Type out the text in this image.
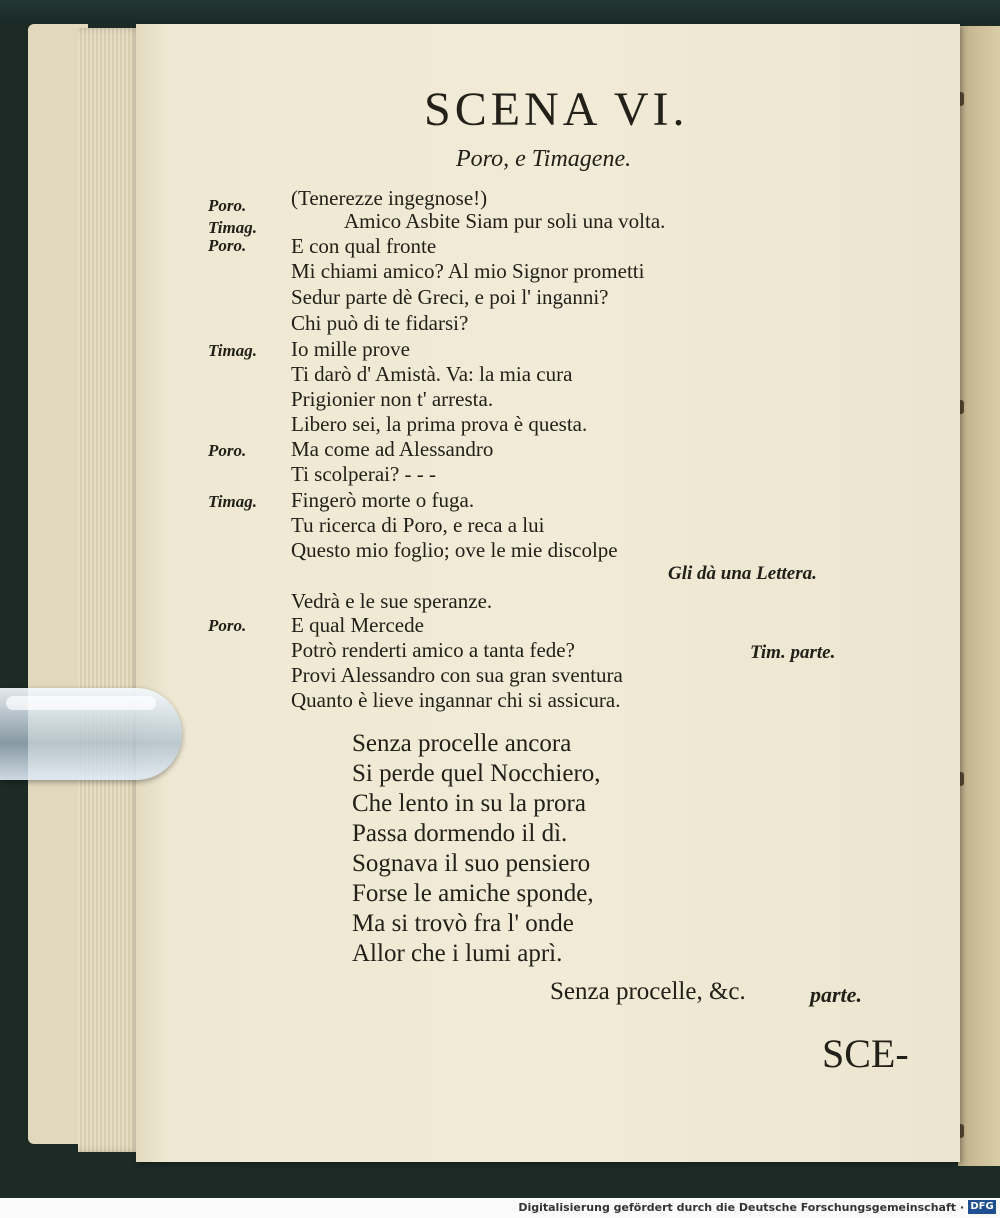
SCENA VI.
Poro, e Timagene.
Poro.
Timag.
Poro.
Timag.
Poro.
Timag.
Poro.
(Tenerezze ingegnose!)
Amico Asbite Siam pur soli una volta.
E con qual fronte
Mi chiami amico? Al mio Signor prometti
Sedur parte dè Greci, e poi l' inganni?
Chi può di te fidarsi?
Io mille prove
Ti darò d' Amistà. Va: la mia cura
Prigionier non t' arresta.
Libero sei, la prima prova è questa.
Ma come ad Alessandro
Ti scolperai? - - -
Fingerò morte o fuga.
Tu ricerca di Poro, e reca a lui
Questo mio foglio; ove le mie discolpe
Gli dà una Lettera.
Vedrà e le sue speranze.
E qual Mercede
Potrò renderti amico a tanta fede?	Tim. parte.
Provi Alessandro con sua gran sventura
Quanto è lieve ingannar chi si assicura.
Senza procelle ancora
Si perde quel Nocchiero,
Che lento in su la prora
Passa dormendo il dì.
Sognava il suo pensiero
Forse le amiche sponde,
Ma si trovò fra l' onde
Allor che i lumi aprì.
Senza procelle, &c.	parte.
SCE-
Digitalisierung gefördert durch die Deutsche Forschungsgemeinschaft · DFG
